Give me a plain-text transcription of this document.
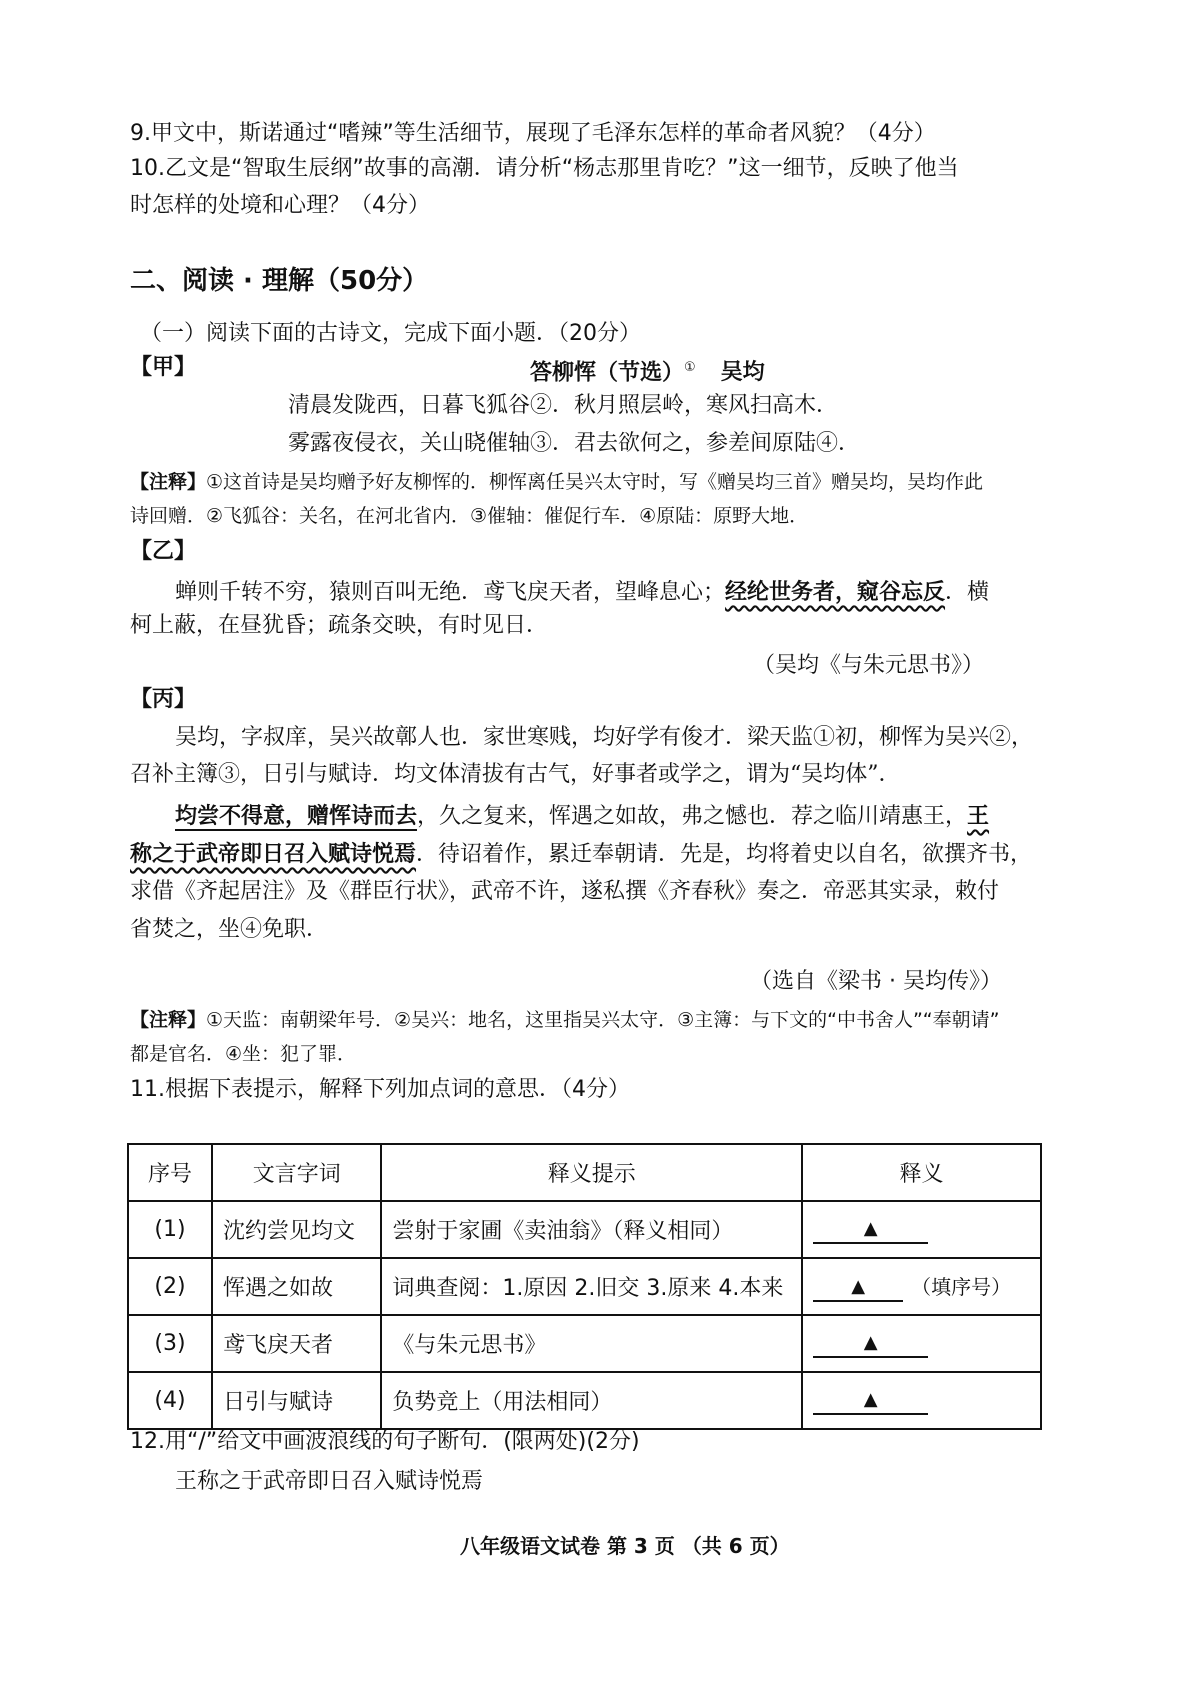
9.甲文中，斯诺通过“嗜辣”等生活细节，展现了毛泽东怎样的革命者风貌？（4分）
10.乙文是“智取生辰纲”故事的高潮．请分析“杨志那里肯吃？”这一细节，反映了他当
时怎样的处境和心理？（4分）
二、阅读 · 理解（50分）
（一）阅读下面的古诗文，完成下面小题．（20分）
【甲】	答柳恽（节选）① 吴均
清晨发陇西，日暮飞狐谷②．秋月照层岭，寒风扫高木．
雾露夜侵衣，关山晓催轴③．君去欲何之，参差间原陆④．
【注释】①这首诗是吴均赠予好友柳恽的．柳恽离任吴兴太守时，写《赠吴均三首》赠吴均，吴均作此
诗回赠．②飞狐谷：关名，在河北省内．③催轴：催促行车．④原陆：原野大地．
【乙】
蝉则千转不穷，猿则百叫无绝．鸢飞戾天者，望峰息心；经纶世务者，窥谷忘反．横
柯上蔽，在昼犹昏；疏条交映，有时见日．
（吴均《与朱元思书》）
【丙】
吴均，字叔庠，吴兴故鄣人也．家世寒贱，均好学有俊才．梁天监①初，柳恽为吴兴②，
召补主簿③，日引与赋诗．均文体清拔有古气，好事者或学之，谓为“吴均体”．
均尝不得意，赠恽诗而去，久之复来，恽遇之如故，弗之憾也．荐之临川靖惠王，王
称之于武帝即日召入赋诗悦焉．待诏着作，累迁奉朝请．先是，均将着史以自名，欲撰齐书，
求借《齐起居注》及《群臣行状》，武帝不许，遂私撰《齐春秋》奏之．帝恶其实录，敕付
省焚之，坐④免职．
（选自《梁书 · 吴均传》）
【注释】①天监：南朝梁年号．②吴兴：地名，这里指吴兴太守．③主簿：与下文的“中书舍人”“奉朝请”
都是官名．④坐：犯了罪．
11.根据下表提示，解释下列加点词的意思．（4分）
序号	文言字词	释义提示	释义
(1)	沈约尝见均文	尝射于家圃《卖油翁》（释义相同）	▲
(2)	恽遇之如故	词典查阅：1.原因 2.旧交 3.原来 4.本来	▲ （填序号）
(3)	鸢飞戾天者	《与朱元思书》	▲
(4)	日引与赋诗	负势竞上（用法相同）	▲
12.用“/”给文中画波浪线的句子断句．(限两处)(2分)
王称之于武帝即日召入赋诗悦焉
八年级语文试卷 第 3 页 （共 6 页）
